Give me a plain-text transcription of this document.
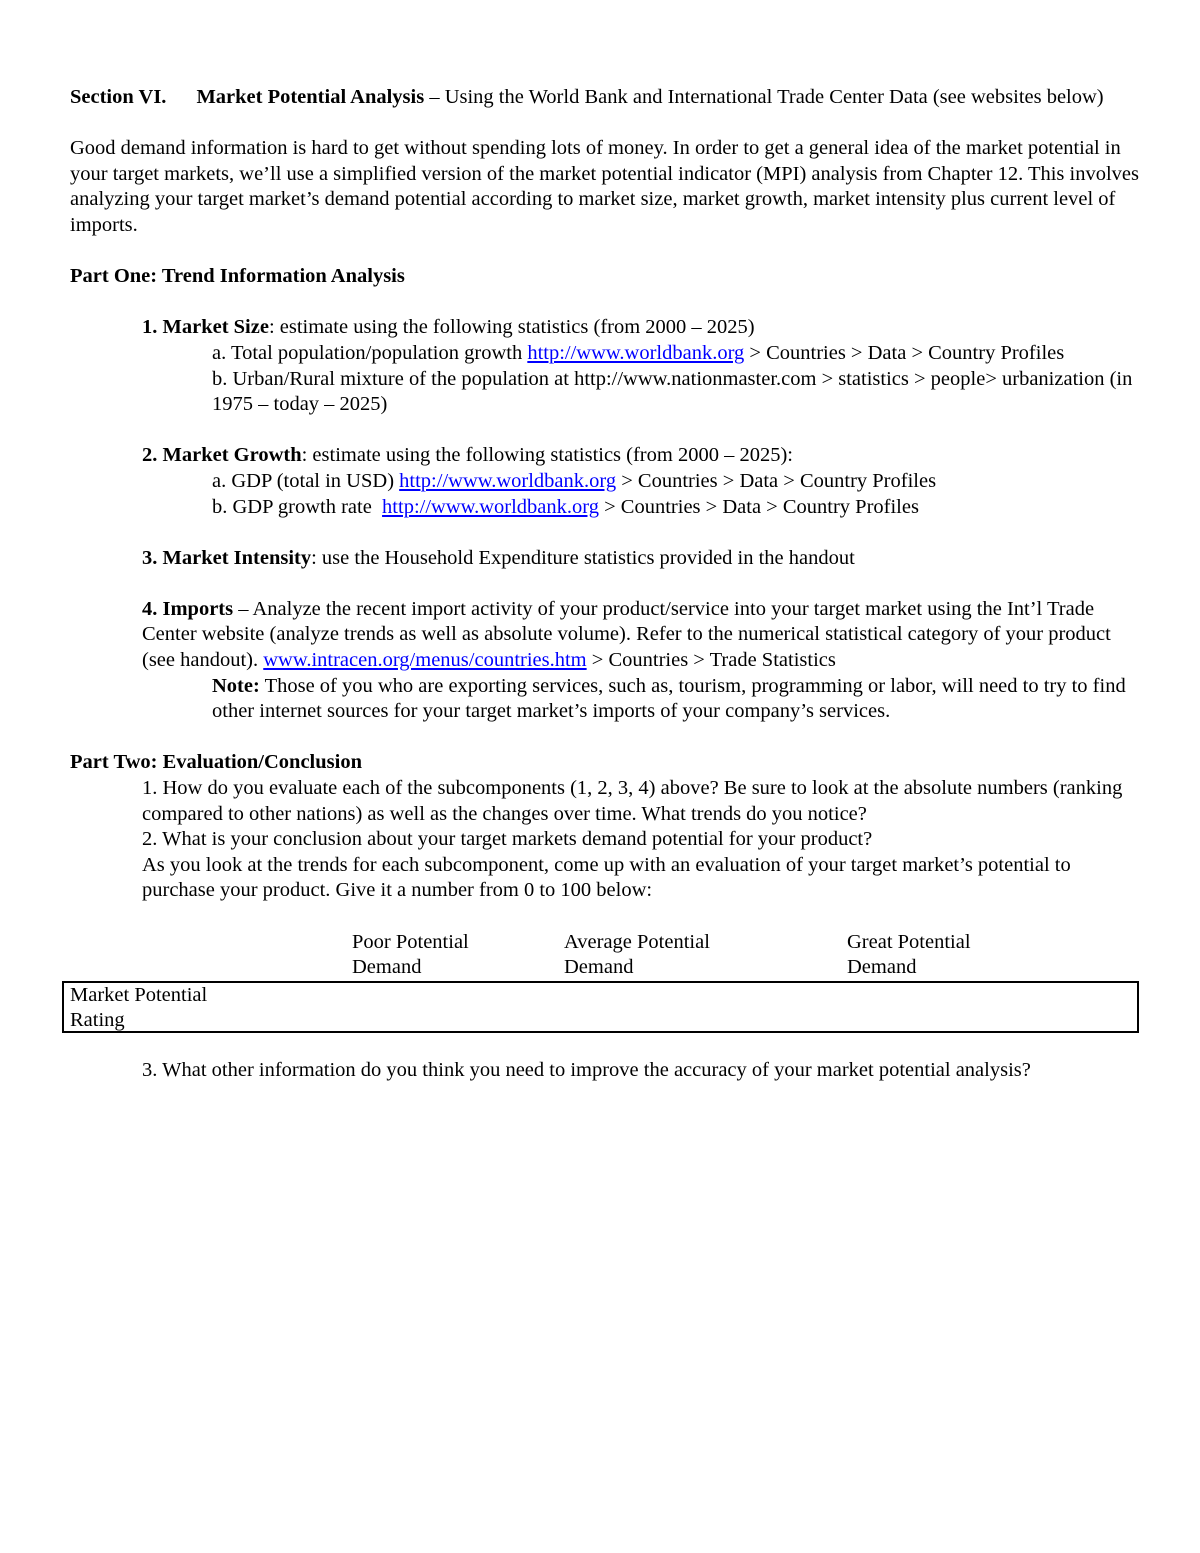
Section VI. Market Potential Analysis – Using the World Bank and International Trade Center Data (see websites below)

Good demand information is hard to get without spending lots of money. In order to get a general idea of the market potential in your target markets, we’ll use a simplified version of the market potential indicator (MPI) analysis from Chapter 12. This involves analyzing your target market’s demand potential according to market size, market growth, market intensity plus current level of imports.

Part One: Trend Information Analysis

1. Market Size: estimate using the following statistics (from 2000 – 2025)

a. Total population/population growth http://www.worldbank.org > Countries > Data > Country Profiles

b. Urban/Rural mixture of the population at http://www.nationmaster.com > statistics > people> urbanization (in 1975 – today – 2025)

2. Market Growth: estimate using the following statistics (from 2000 – 2025):

a. GDP (total in USD) http://www.worldbank.org > Countries > Data > Country Profiles

b. GDP growth rate  http://www.worldbank.org > Countries > Data > Country Profiles

3. Market Intensity: use the Household Expenditure statistics provided in the handout

4. Imports – Analyze the recent import activity of your product/service into your target market using the Int’l Trade Center website (analyze trends as well as absolute volume). Refer to the numerical statistical category of your product (see handout). www.intracen.org/menus/countries.htm > Countries > Trade Statistics

Note: Those of you who are exporting services, such as, tourism, programming or labor, will need to try to find other internet sources for your target market’s imports of your company’s services.

Part Two: Evaluation/Conclusion

1. How do you evaluate each of the subcomponents (1, 2, 3, 4) above? Be sure to look at the absolute numbers (ranking compared to other nations) as well as the changes over time. What trends do you notice?

2. What is your conclusion about your target markets demand potential for your product?

As you look at the trends for each subcomponent, come up with an evaluation of your target market’s potential to purchase your product. Give it a number from 0 to 100 below:

Poor Potential
Demand
Average Potential
Demand
Great Potential
Demand
Market Potential
Rating

3. What other information do you think you need to improve the accuracy of your market potential analysis?
